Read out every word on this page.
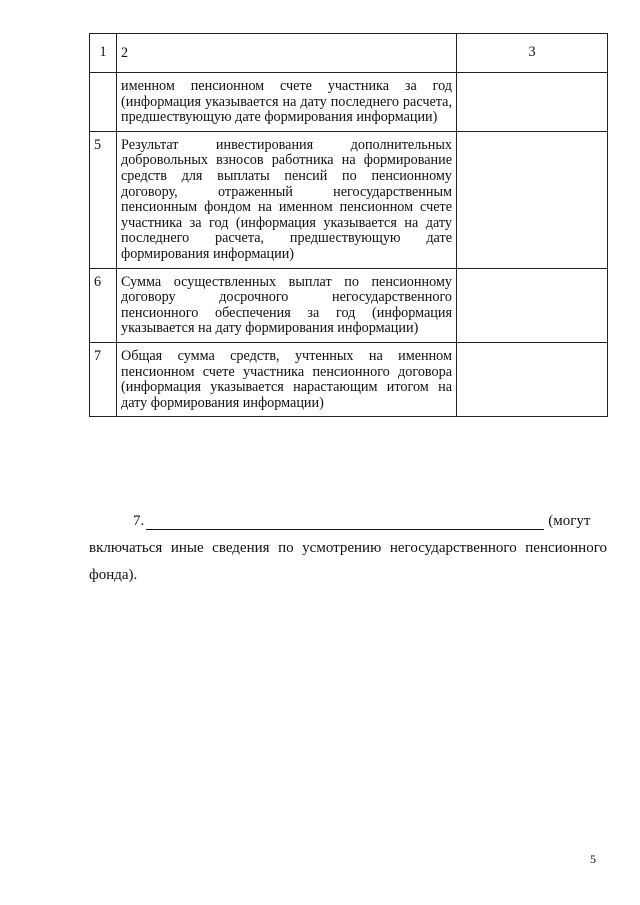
1	2	3
	именном пенсионном счете участника за год (информация указывается на дату последнего расчета, предшествующую дате формирования информации)	

5	Результат инвестирования дополнительных добровольных взносов работника на формирование средств для выплаты пенсий по пенсионному договору, отраженный негосударственным пенсионным фондом на именном пенсионном счете участника за год (информация указывается на дату последнего расчета, предшествующую дате формирования информации)	

6	Сумма осуществленных выплат по пенсионному договору досрочного негосударственного пенсионного обеспечения за год (информация указывается на дату формирования информации)	

7	Общая сумма средств, учтенных на именном пенсионном счете участника пенсионного договора (информация указывается нарастающим итогом на дату формирования информации)	
7.	(могут
включаться иные сведения по усмотрению негосударственного пенсионного
фонда).
5
